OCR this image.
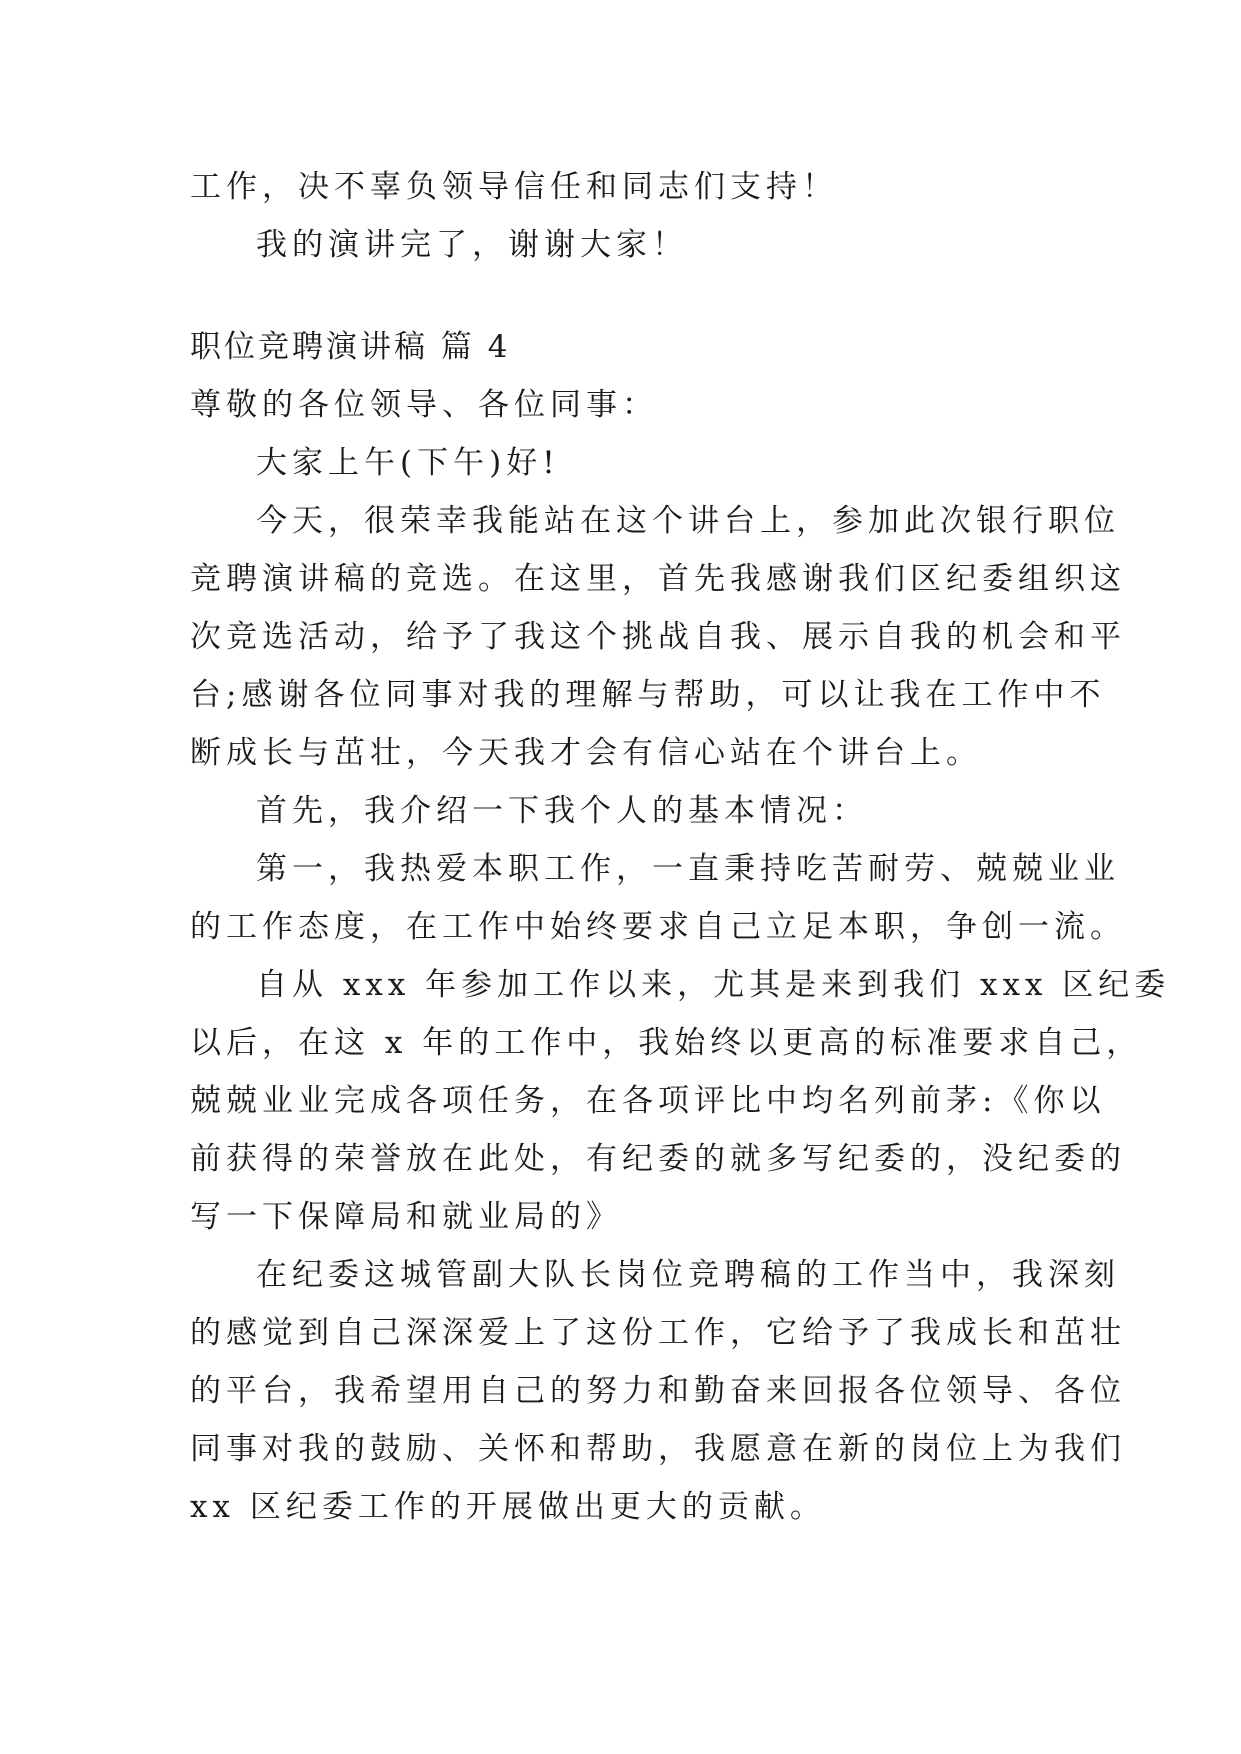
工作，决不辜负领导信任和同志们支持！

我的演讲完了，谢谢大家！

职位竞聘演讲稿 篇 4

尊敬的各位领导、各位同事：

大家上午(下午)好!

今天，很荣幸我能站在这个讲台上，参加此次银行职位

竞聘演讲稿的竞选。在这里，首先我感谢我们区纪委组织这

次竞选活动，给予了我这个挑战自我、展示自我的机会和平

台;感谢各位同事对我的理解与帮助，可以让我在工作中不

断成长与茁壮，今天我才会有信心站在个讲台上。

首先，我介绍一下我个人的基本情况：

第一，我热爱本职工作，一直秉持吃苦耐劳、兢兢业业

的工作态度，在工作中始终要求自己立足本职，争创一流。

自从 xxx 年参加工作以来，尤其是来到我们 xxx 区纪委

以后，在这 x 年的工作中，我始终以更高的标准要求自己，

兢兢业业完成各项任务，在各项评比中均名列前茅:《你以

前获得的荣誉放在此处，有纪委的就多写纪委的，没纪委的

写一下保障局和就业局的》

在纪委这城管副大队长岗位竞聘稿的工作当中，我深刻

的感觉到自己深深爱上了这份工作，它给予了我成长和茁壮

的平台，我希望用自己的努力和勤奋来回报各位领导、各位

同事对我的鼓励、关怀和帮助，我愿意在新的岗位上为我们

xx 区纪委工作的开展做出更大的贡献。
